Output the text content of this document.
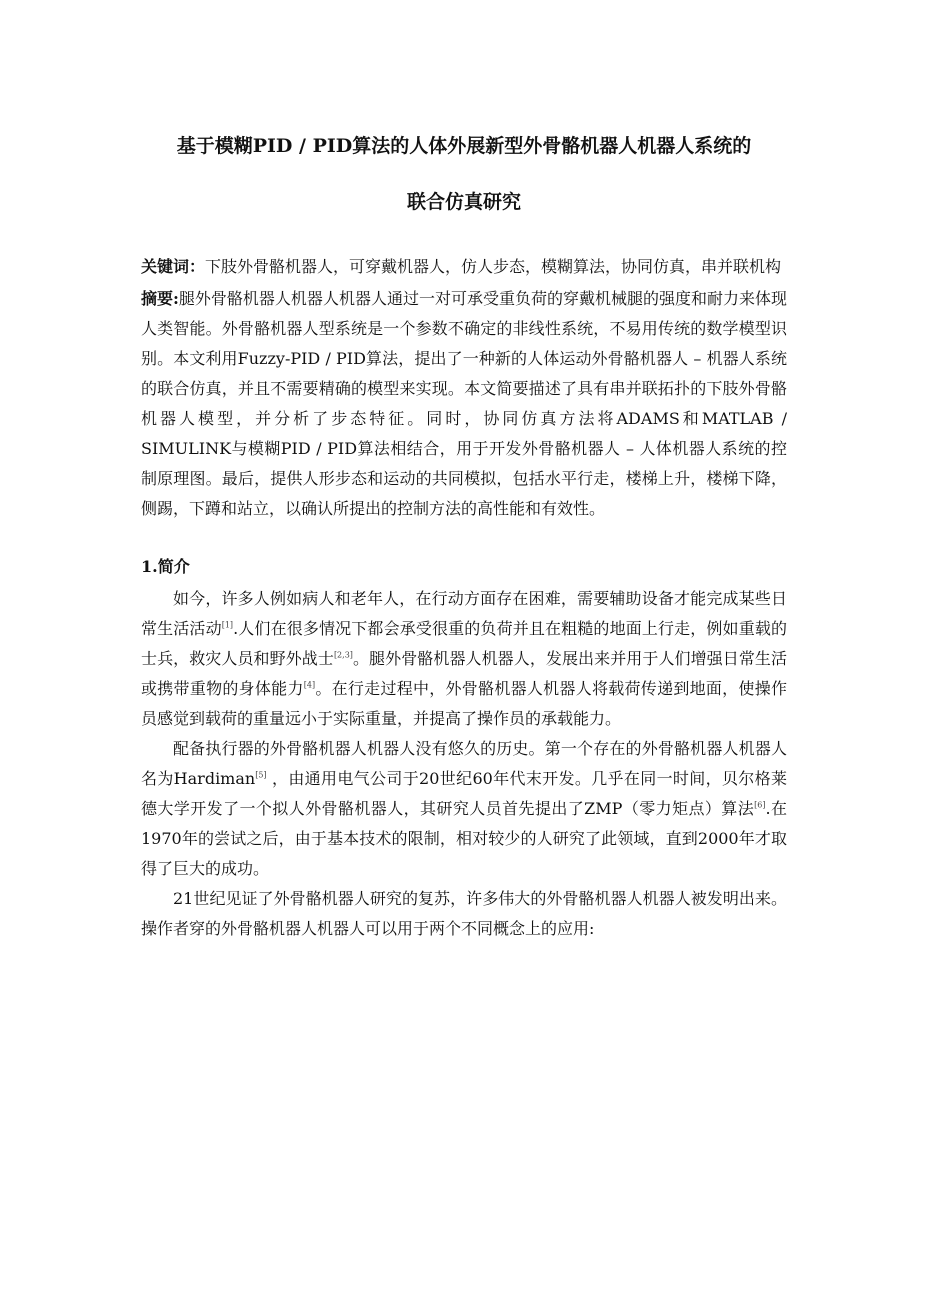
基于模糊PID / PID算法的人体外展新型外骨骼机器人机器人系统的
联合仿真研究

关键词：下肢外骨骼机器人，可穿戴机器人，仿人步态，模糊算法，协同仿真，串并联机构

摘要:腿外骨骼机器人机器人机器人通过一对可承受重负荷的穿戴机械腿的强度和耐力来体现人类智能。外骨骼机器人型系统是一个参数不确定的非线性系统，不易用传统的数学模型识别。本文利用Fuzzy-PID / PID算法，提出了一种新的人体运动外骨骼机器人 – 机器人系统的联合仿真，并且不需要精确的模型来实现。本文简要描述了具有串并联拓扑的下肢外骨骼机器人模型，并分析了步态特征。同时，协同仿真方法将ADAMS和MATLAB / SIMULINK与模糊PID / PID算法相结合，用于开发外骨骼机器人 – 人体机器人系统的控制原理图。最后，提供人形步态和运动的共同模拟，包括水平行走，楼梯上升，楼梯下降，侧踢，下蹲和站立，以确认所提出的控制方法的高性能和有效性。

1.简介

如今，许多人例如病人和老年人，在行动方面存在困难，需要辅助设备才能完成某些日常生活活动[1].人们在很多情况下都会承受很重的负荷并且在粗糙的地面上行走，例如重载的士兵，救灾人员和野外战士[2,3]。腿外骨骼机器人机器人，发展出来并用于人们增强日常生活或携带重物的身体能力[4]。在行走过程中，外骨骼机器人机器人将载荷传递到地面，使操作员感觉到载荷的重量远小于实际重量，并提高了操作员的承载能力。

配备执行器的外骨骼机器人机器人没有悠久的历史。第一个存在的外骨骼机器人机器人名为Hardiman[5] ，由通用电气公司于20世纪60年代末开发。几乎在同一时间，贝尔格莱德大学开发了一个拟人外骨骼机器人，其研究人员首先提出了ZMP（零力矩点）算法[6].在1970年的尝试之后，由于基本技术的限制，相对较少的人研究了此领域，直到2000年才取得了巨大的成功。

21世纪见证了外骨骼机器人研究的复苏，许多伟大的外骨骼机器人机器人被发明出来。操作者穿的外骨骼机器人机器人可以用于两个不同概念上的应用:
